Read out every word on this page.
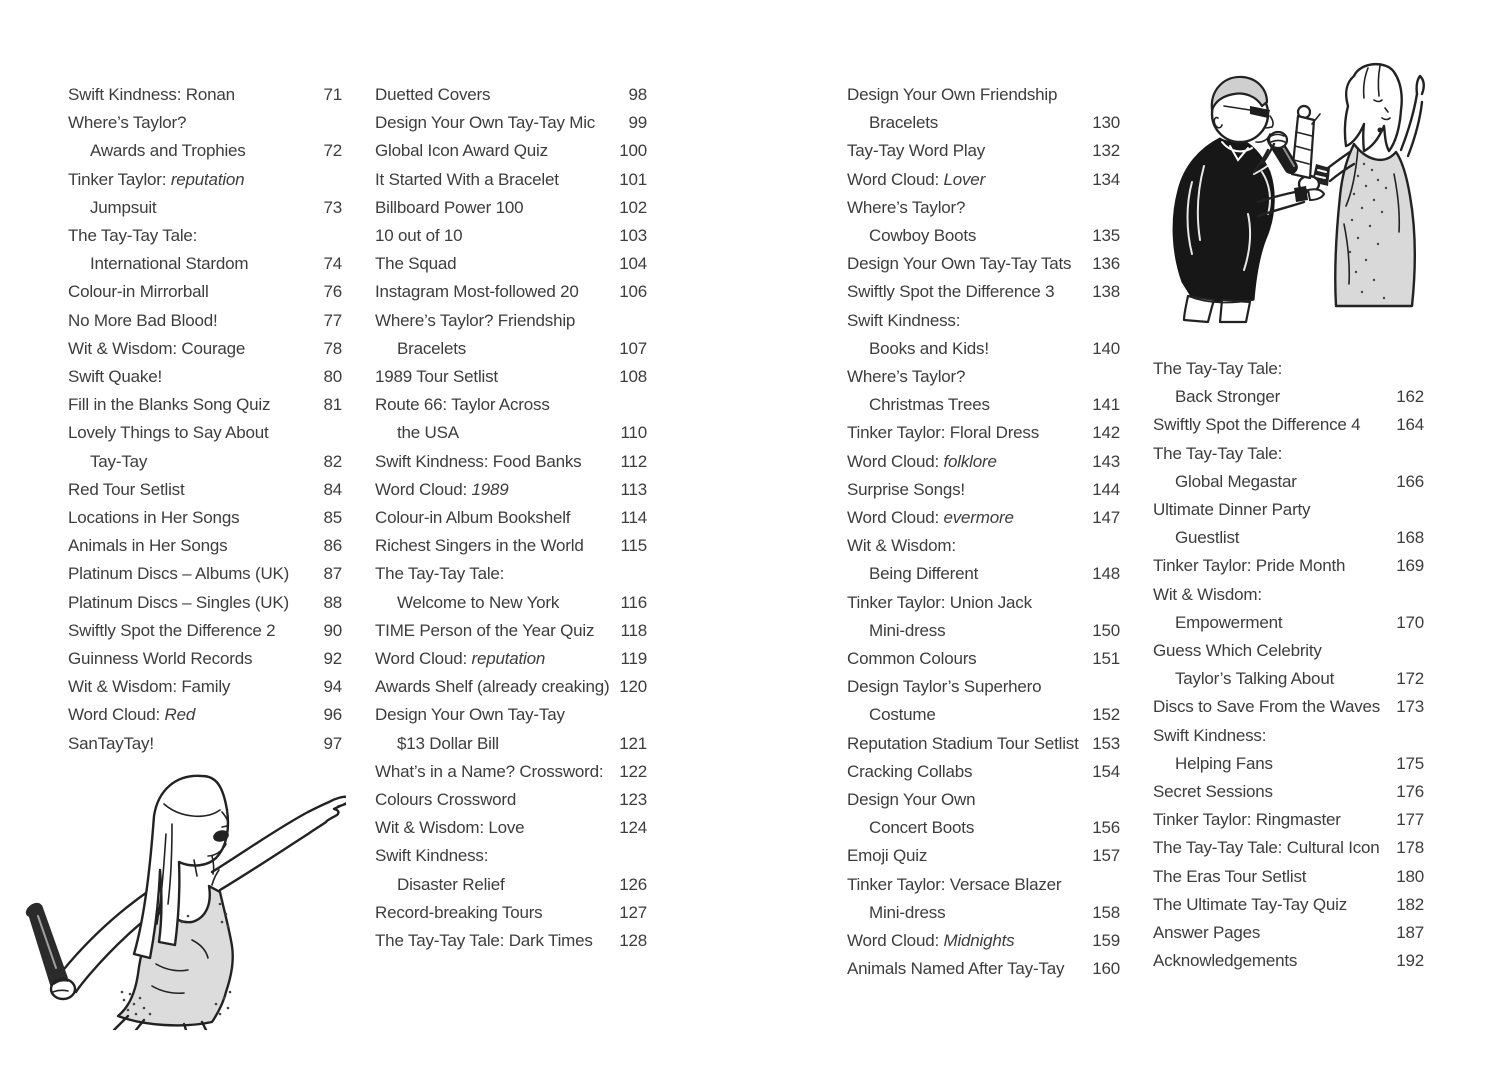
Swift Kindness: Ronan	71
Where’s Taylor?
Awards and Trophies	72
Tinker Taylor: reputation
Jumpsuit	73
The Tay-Tay Tale:
International Stardom	74
Colour-in Mirrorball	76
No More Bad Blood!	77
Wit & Wisdom: Courage	78
Swift Quake!	80
Fill in the Blanks Song Quiz	81
Lovely Things to Say About
Tay-Tay	82
Red Tour Setlist	84
Locations in Her Songs	85
Animals in Her Songs	86
Platinum Discs – Albums (UK) 87
Platinum Discs – Singles (UK) 88
Swiftly Spot the Difference 2	90
Guinness World Records	92
Wit & Wisdom: Family	94
Word Cloud: Red	96
SanTayTay!	97
Duetted Covers	98
Design Your Own Tay-Tay Mic 99
Global Icon Award Quiz	100
It Started With a Bracelet	101
Billboard Power 100	102
10 out of 10	103
The Squad	104
Instagram Most-followed 20 106
Where’s Taylor? Friendship
Bracelets	107
1989 Tour Setlist	108
Route 66: Taylor Across
the USA	110
Swift Kindness: Food Banks 112
Word Cloud: 1989	113
Colour-in Album Bookshelf	114
Richest Singers in the World 115
The Tay-Tay Tale:
Welcome to New York	116
TIME Person of the Year Quiz 118
Word Cloud: reputation	119
Awards Shelf (already creaking) 120
Design Your Own Tay-Tay
$13 Dollar Bill	121
What’s in a Name? Crossword: 122
Colours Crossword	123
Wit & Wisdom: Love	124
Swift Kindness:
Disaster Relief	126
Record-breaking Tours	127
The Tay-Tay Tale: Dark Times 128
Design Your Own Friendship
Bracelets	130
Tay-Tay Word Play	132
Word Cloud: Lover	134
Where’s Taylor?
Cowboy Boots	135
Design Your Own Tay-Tay Tats 136
Swiftly Spot the Difference 3 138
Swift Kindness:
Books and Kids!	140
Where’s Taylor?
Christmas Trees	141
Tinker Taylor: Floral Dress	142
Word Cloud: folklore	143
Surprise Songs!	144
Word Cloud: evermore	147
Wit & Wisdom:
Being Different	148
Tinker Taylor: Union Jack
Mini-dress	150
Common Colours	151
Design Taylor’s Superhero
Costume	152
Reputation Stadium Tour Setlist 153
Cracking Collabs	154
Design Your Own
Concert Boots	156
Emoji Quiz	157
Tinker Taylor: Versace Blazer
Mini-dress	158
Word Cloud: Midnights	159
Animals Named After Tay-Tay 160
The Tay-Tay Tale:
Back Stronger	162
Swiftly Spot the Difference 4 164
The Tay-Tay Tale:
Global Megastar	166
Ultimate Dinner Party
Guestlist	168
Tinker Taylor: Pride Month	169
Wit & Wisdom:
Empowerment	170
Guess Which Celebrity
Taylor’s Talking About	172
Discs to Save From the Waves 173
Swift Kindness:
Helping Fans	175
Secret Sessions	176
Tinker Taylor: Ringmaster	177
The Tay-Tay Tale: Cultural Icon 178
The Eras Tour Setlist	180
The Ultimate Tay-Tay Quiz	182
Answer Pages	187
Acknowledgements	192
